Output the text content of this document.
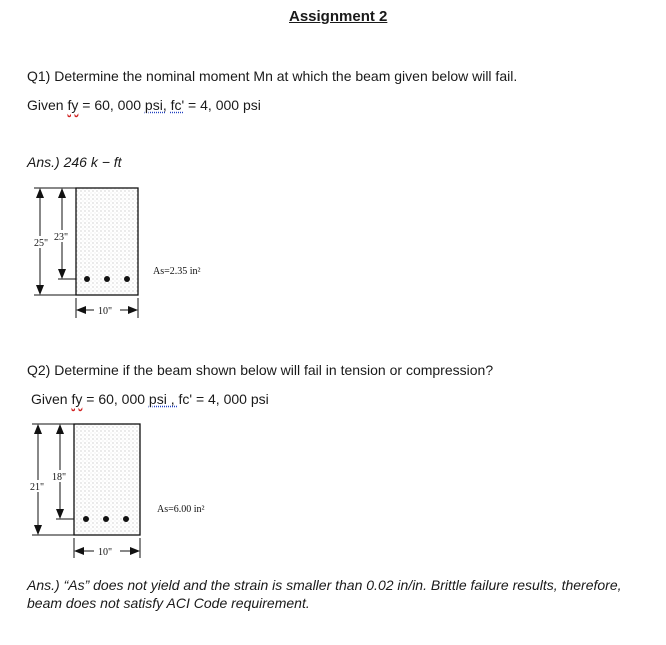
Assignment 2
Q1) Determine the nominal moment Mn at which the beam given below will fail.
Given fy = 60, 000 psi, fc' = 4, 000 psi
Ans.) 246 k − ft
25"
23"
10"
As=2.35 in²
Q2) Determine if the beam shown below will fail in tension or compression?
Given fy = 60, 000 psi , fc' = 4, 000 psi
21"
18"
10"
As=6.00 in²
Ans.) “As” does not yield and the strain is smaller than 0.02 in/in. Brittle failure results, therefore, beam does not satisfy ACI Code requirement.
